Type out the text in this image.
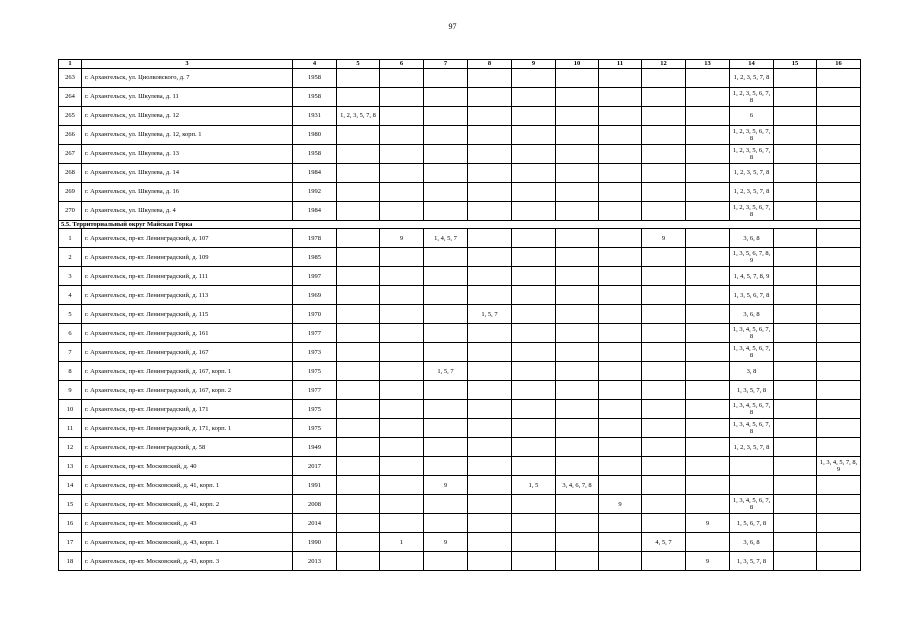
97
1	3	4	5	6	7	8	9	10	11	12	13	14	15	16
263	г. Архангельск, ул. Циолковского, д. 7	1958										1, 2, 3, 5, 7, 8		
264	г. Архангельск, ул. Шкулева, д. 11	1958										1, 2, 3, 5, 6, 7, 8		
265	г. Архангельск, ул. Шкулева, д. 12	1931	1, 2, 3, 5, 7, 8									6		
266	г. Архангельск, ул. Шкулева, д. 12, корп. 1	1980										1, 2, 3, 5, 6, 7, 8		
267	г. Архангельск, ул. Шкулева, д. 13	1958										1, 2, 3, 5, 6, 7, 8		
268	г. Архангельск, ул. Шкулева, д. 14	1984										1, 2, 3, 5, 7, 8		
269	г. Архангельск, ул. Шкулева, д. 16	1992										1, 2, 3, 5, 7, 8		
270	г. Архангельск, ул. Шкулева, д. 4	1984										1, 2, 3, 5, 6, 7, 8		
5.5. Территориальный округ Майская Горка														
1	г. Архангельск, пр-кт. Ленинградский, д. 107	1978		9	1, 4, 5, 7					9		3, 6, 8		
2	г. Архангельск, пр-кт. Ленинградский, д. 109	1985										1, 3, 5, 6, 7, 8, 9		
3	г. Архангельск, пр-кт. Ленинградский, д. 111	1997										1, 4, 5, 7, 8, 9		
4	г. Архангельск, пр-кт. Ленинградский, д. 113	1969										1, 3, 5, 6, 7, 8		
5	г. Архангельск, пр-кт. Ленинградский, д. 115	1970				1, 5, 7						3, 6, 8		
6	г. Архангельск, пр-кт. Ленинградский, д. 161	1977										1, 3, 4, 5, 6, 7, 8		
7	г. Архангельск, пр-кт. Ленинградский, д. 167	1973										1, 3, 4, 5, 6, 7, 8		
8	г. Архангельск, пр-кт. Ленинградский, д. 167, корп. 1	1975			1, 5, 7							3, 8		
9	г. Архангельск, пр-кт. Ленинградский, д. 167, корп. 2	1977										1, 3, 5, 7, 8		
10	г. Архангельск, пр-кт. Ленинградский, д. 171	1975										1, 3, 4, 5, 6, 7, 8		
11	г. Архангельск, пр-кт. Ленинградский, д. 171, корп. 1	1975										1, 3, 4, 5, 6, 7, 8		
12	г. Архангельск, пр-кт. Ленинградский, д. 58	1949										1, 2, 3, 5, 7, 8		
13	г. Архангельск, пр-кт. Московский, д. 40	2017												1, 3, 4, 5, 7, 8, 9
14	г. Архангельск, пр-кт. Московский, д. 41, корп. 1	1991			9		1, 5	3, 4, 6, 7, 8						
15	г. Архангельск, пр-кт. Московский, д. 41, корп. 2	2008							9			1, 3, 4, 5, 6, 7, 8		
16	г. Архангельск, пр-кт. Московский, д. 43	2014									9	1, 5, 6, 7, 8		
17	г. Архангельск, пр-кт. Московский, д. 43, корп. 1	1990		1	9					4, 5, 7		3, 6, 8		
18	г. Архангельск, пр-кт. Московский, д. 43, корп. 3	2013									9	1, 3, 5, 7, 8		
